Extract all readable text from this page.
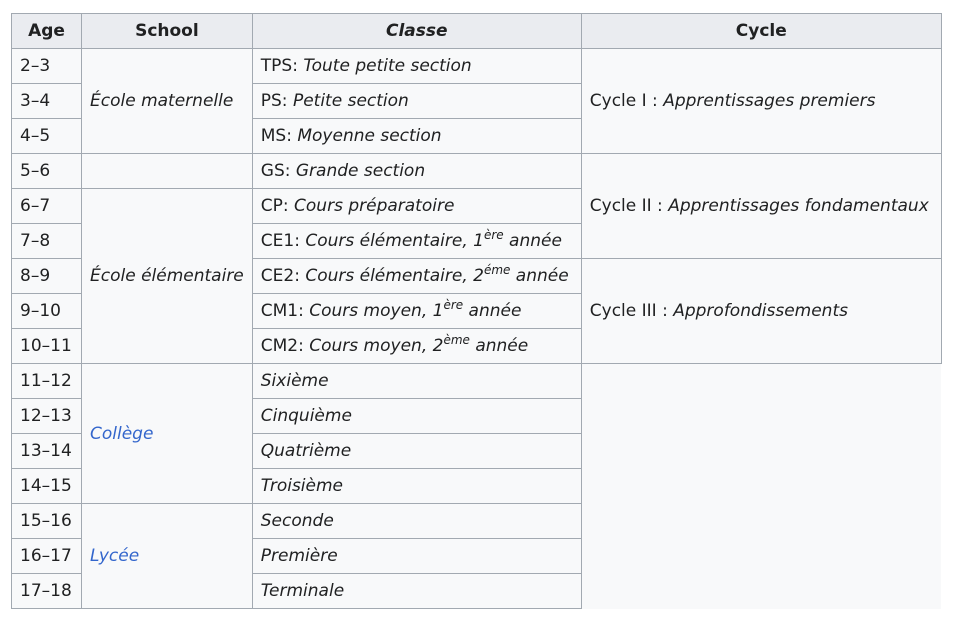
Age	School	Classe	Cycle
2–3	École maternelle	TPS: Toute petite section	Cycle I : Apprentissages premiers
3–4		PS: Petite section	
4–5		MS: Moyenne section	
5–6		GS: Grande section	Cycle II : Apprentissages fondamentaux
6–7	École élémentaire	CP: Cours préparatoire	
7–8		CE1: Cours élémentaire, 1ère année	
8–9		CE2: Cours élémentaire, $2^{éme}$ année	Cycle III : Approfondissements
9–10		CM1: Cours moyen, 1ère année	
10–11		CM2: Cours moyen, 2ème année	
11–12	Collège	Sixième	
12–13		Cinquième	
13–14		Quatrième	
14–15		Troisième	
15–16	Lycée	Seconde	
16–17		Première	
17–18		Terminale	
